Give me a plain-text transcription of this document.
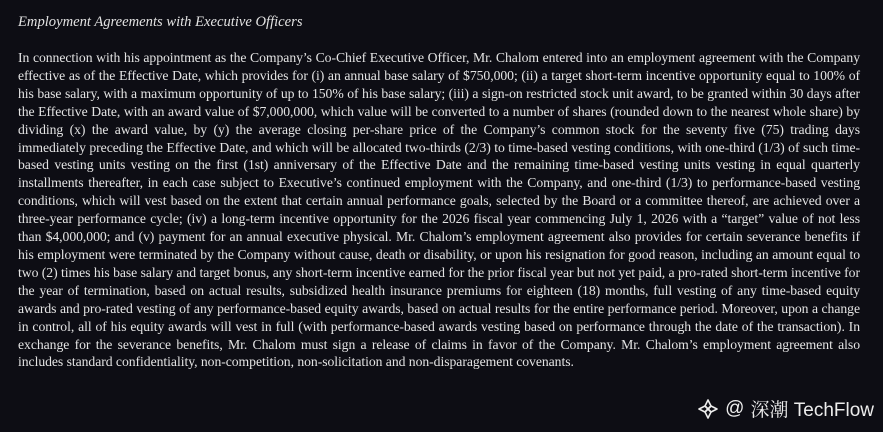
Employment Agreements with Executive Officers

In connection with his appointment as the Company’s Co-Chief Executive Officer, Mr. Chalom entered into an employment agreement with the Company effective as of the Effective Date, which provides for (i) an annual base salary of $750,000; (ii) a target short-term incentive opportunity equal to 100% of his base salary, with a maximum opportunity of up to 150% of his base salary; (iii) a sign-on restricted stock unit award, to be granted within 30 days after the Effective Date, with an award value of $7,000,000, which value will be converted to a number of shares (rounded down to the nearest whole share) by dividing (x) the award value, by (y) the average closing per-share price of the Company’s common stock for the seventy five (75) trading days immediately preceding the Effective Date, and which will be allocated two-thirds (2/3) to time-based vesting conditions, with one-third (1/3) of such time-based vesting units vesting on the first (1st) anniversary of the Effective Date and the remaining time-based vesting units vesting in equal quarterly installments thereafter, in each case subject to Executive’s continued employment with the Company, and one-third (1/3) to performance-based vesting conditions, which will vest based on the extent that certain annual performance goals, selected by the Board or a committee thereof, are achieved over a three-year performance cycle; (iv) a long-term incentive opportunity for the 2026 fiscal year commencing July 1, 2026 with a “target” value of not less than $4,000,000; and (v) payment for an annual executive physical. Mr. Chalom’s employment agreement also provides for certain severance benefits if his employment were terminated by the Company without cause, death or disability, or upon his resignation for good reason, including an amount equal to two (2) times his base salary and target bonus, any short-term incentive earned for the prior fiscal year but not yet paid, a pro-rated short-term incentive for the year of termination, based on actual results, subsidized health insurance premiums for eighteen (18) months, full vesting of any time-based equity awards and pro-rated vesting of any performance-based equity awards, based on actual results for the entire performance period. Moreover, upon a change in control, all of his equity awards will vest in full (with performance-based awards vesting based on performance through the date of the transaction). In exchange for the severance benefits, Mr. Chalom must sign a release of claims in favor of the Company. Mr. Chalom’s employment agreement also includes standard confidentiality, non-competition, non-solicitation and non-disparagement covenants.

@ 深潮 TechFlow
